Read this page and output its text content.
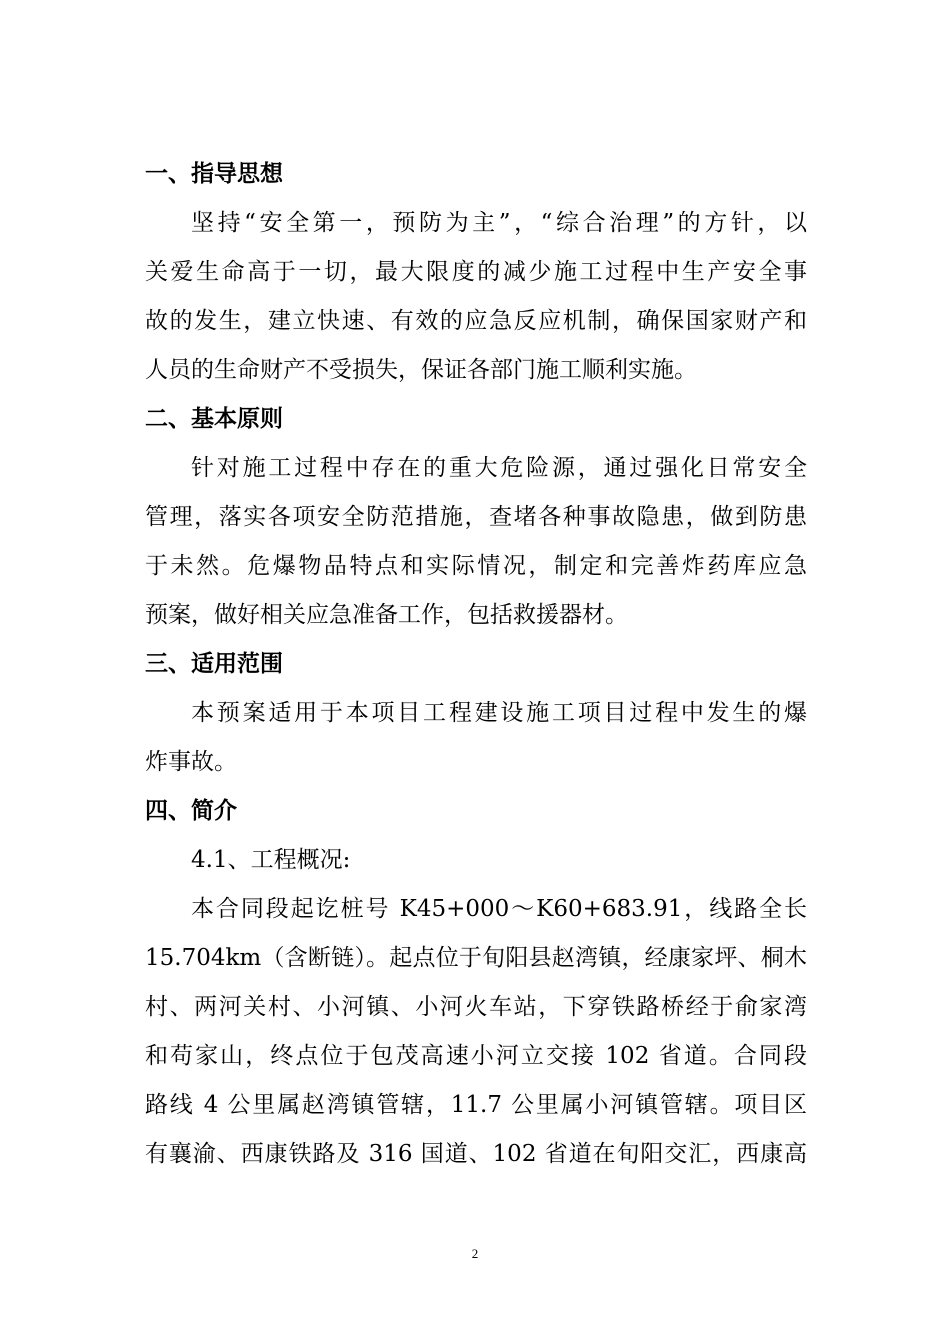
一、指导思想
坚持“安全第一，预防为主”，“综合治理”的方针，以
关爱生命高于一切，最大限度的减少施工过程中生产安全事
故的发生，建立快速、有效的应急反应机制，确保国家财产和
人员的生命财产不受损失，保证各部门施工顺利实施。
二、基本原则
针对施工过程中存在的重大危险源，通过强化日常安全
管理，落实各项安全防范措施，查堵各种事故隐患，做到防患
于未然。危爆物品特点和实际情况，制定和完善炸药库应急
预案，做好相关应急准备工作，包括救援器材。
三、适用范围
本预案适用于本项目工程建设施工项目过程中发生的爆
炸事故。
四、简介
4.1、工程概况:
本合同段起讫桩号 K45+000～K60+683.91，线路全长
15.704km（含断链）。起点位于旬阳县赵湾镇，经康家坪、桐木
村、两河关村、小河镇、小河火车站，下穿铁路桥经于俞家湾
和苟家山，终点位于包茂高速小河立交接 102 省道。合同段
路线 4 公里属赵湾镇管辖，11.7 公里属小河镇管辖。项目区
有襄渝、西康铁路及 316 国道、102 省道在旬阳交汇，西康高
2
